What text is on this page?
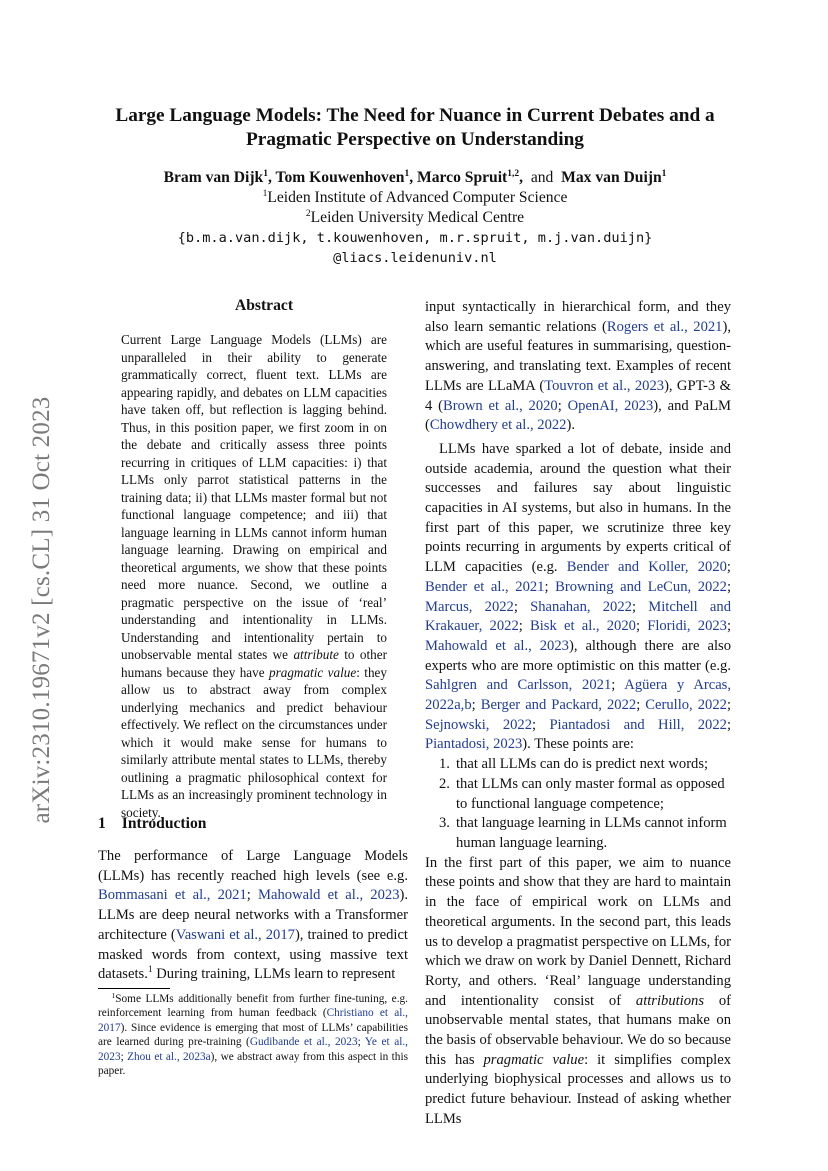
arXiv:2310.19671v2 [cs.CL] 31 Oct 2023
Large Language Models: The Need for Nuance in Current Debates and a
Pragmatic Perspective on Understanding
Bram van Dijk$^1$, Tom Kouwenhoven$^1$, Marco Spruit$^{1,2}$,  and Max van Duijn$^1$
$^1$Leiden Institute of Advanced Computer Science
$^2$Leiden University Medical Centre
{b.m.a.van.dijk, t.kouwenhoven, m.r.spruit, m.j.van.duijn}
@liacs.leidenuniv.nl
Abstract
Current Large Language Models (LLMs) are unparalleled in their ability to generate grammatically correct, fluent text. LLMs are appearing rapidly, and debates on LLM capacities have taken off, but reflection is lagging behind. Thus, in this position paper, we first zoom in on the debate and critically assess three points recurring in critiques of LLM capacities: i) that LLMs only parrot statistical patterns in the training data; ii) that LLMs master formal but not functional language competence; and iii) that language learning in LLMs cannot inform human language learning. Drawing on empirical and theoretical arguments, we show that these points need more nuance. Second, we outline a pragmatic perspective on the issue of ‘real’ understanding and intentionality in LLMs. Understanding and intentionality pertain to unobservable mental states we attribute to other humans because they have pragmatic value: they allow us to abstract away from complex underlying mechanics and predict behaviour effectively. We reflect on the circumstances under which it would make sense for humans to similarly attribute mental states to LLMs, thereby outlining a pragmatic philosophical context for LLMs as an increasingly prominent technology in society.
1 Introduction
The performance of Large Language Models (LLMs) has recently reached high levels (see e.g. Bommasani et al., 2021; Mahowald et al., 2023). LLMs are deep neural networks with a Transformer architecture (Vaswani et al., 2017), trained to predict masked words from context, using massive text datasets.$^1$ During training, LLMs learn to represent
$^1$Some LLMs additionally benefit from further fine-tuning, e.g. reinforcement learning from human feedback (Christiano et al., 2017). Since evidence is emerging that most of LLMs’ capabilities are learned during pre-training (Gudibande et al., 2023; Ye et al., 2023; Zhou et al., 2023a), we abstract away from this aspect in this paper.

input syntactically in hierarchical form, and they also learn semantic relations (Rogers et al., 2021), which are useful features in summarising, question-answering, and translating text. Examples of recent LLMs are LLaMA (Touvron et al., 2023), GPT-3 & 4 (Brown et al., 2020; OpenAI, 2023), and PaLM (Chowdhery et al., 2022).

LLMs have sparked a lot of debate, inside and outside academia, around the question what their successes and failures say about linguistic capacities in AI systems, but also in humans. In the first part of this paper, we scrutinize three key points recurring in arguments by experts critical of LLM capacities (e.g. Bender and Koller, 2020; Bender et al., 2021; Browning and LeCun, 2022; Marcus, 2022; Shanahan, 2022; Mitchell and Krakauer, 2022; Bisk et al., 2020; Floridi, 2023; Mahowald et al., 2023), although there are also experts who are more optimistic on this matter (e.g. Sahlgren and Carlsson, 2021; Agüera y Arcas, 2022a,b; Berger and Packard, 2022; Cerullo, 2022; Sejnowski, 2022; Piantadosi and Hill, 2022; Piantadosi, 2023). These points are:

1. that all LLMs can do is predict next words;
2. that LLMs can only master formal as opposed to functional language competence;
3. that language learning in LLMs cannot inform human language learning.

In the first part of this paper, we aim to nuance these points and show that they are hard to maintain in the face of empirical work on LLMs and theoretical arguments. In the second part, this leads us to develop a pragmatist perspective on LLMs, for which we draw on work by Daniel Dennett, Richard Rorty, and others. ‘Real’ language understanding and intentionality consist of attributions of unobservable mental states, that humans make on the basis of observable behaviour. We do so because this has pragmatic value: it simplifies complex underlying biophysical processes and allows us to predict future behaviour. Instead of asking whether LLMs
